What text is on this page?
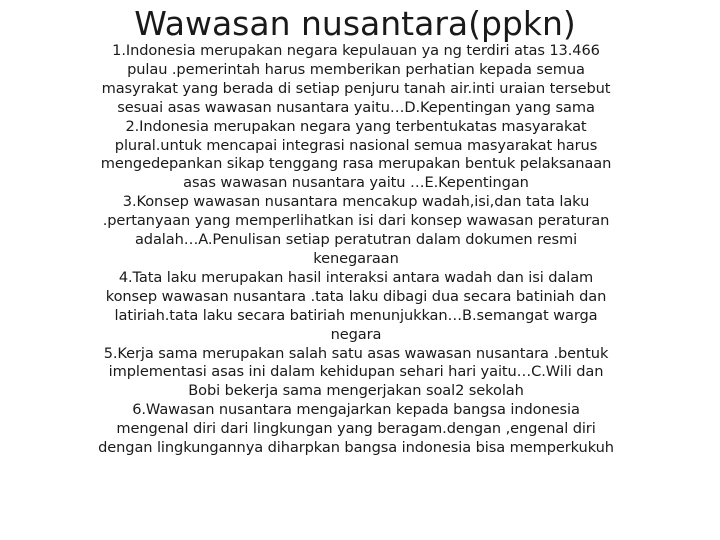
Wawasan nusantara(ppkn)
1.Indonesia merupakan negara kepulauan ya ng terdiri atas 13.466 pulau .pemerintah harus memberikan perhatian kepada semua masyrakat yang berada di setiap penjuru tanah air.inti uraian tersebut sesuai asas wawasan nusantara yaitu…D.Kepentingan yang sama
2.Indonesia merupakan negara yang terbentukatas masyarakat plural.untuk mencapai integrasi nasional semua masyarakat harus mengedepankan sikap tenggang rasa merupakan bentuk pelaksanaan asas wawasan nusantara yaitu …E.Kepentingan
3.Konsep wawasan nusantara mencakup wadah,isi,dan tata laku .pertanyaan yang memperlihatkan isi dari konsep wawasan peraturan adalah…A.Penulisan setiap peratutran dalam dokumen resmi kenegaraan
4.Tata laku merupakan hasil interaksi antara wadah dan isi dalam konsep wawasan nusantara .tata laku dibagi dua secara batiniah dan latiriah.tata laku secara batiriah menunjukkan…B.semangat warga negara
5.Kerja sama merupakan salah satu asas wawasan nusantara .bentuk implementasi asas ini dalam kehidupan sehari hari yaitu…C.Wili dan Bobi bekerja sama mengerjakan soal2 sekolah
6.Wawasan nusantara mengajarkan kepada bangsa indonesia mengenal diri dari lingkungan yang beragam.dengan ,engenal diri dengan lingkungannya diharpkan bangsa indonesia bisa memperkukuh
